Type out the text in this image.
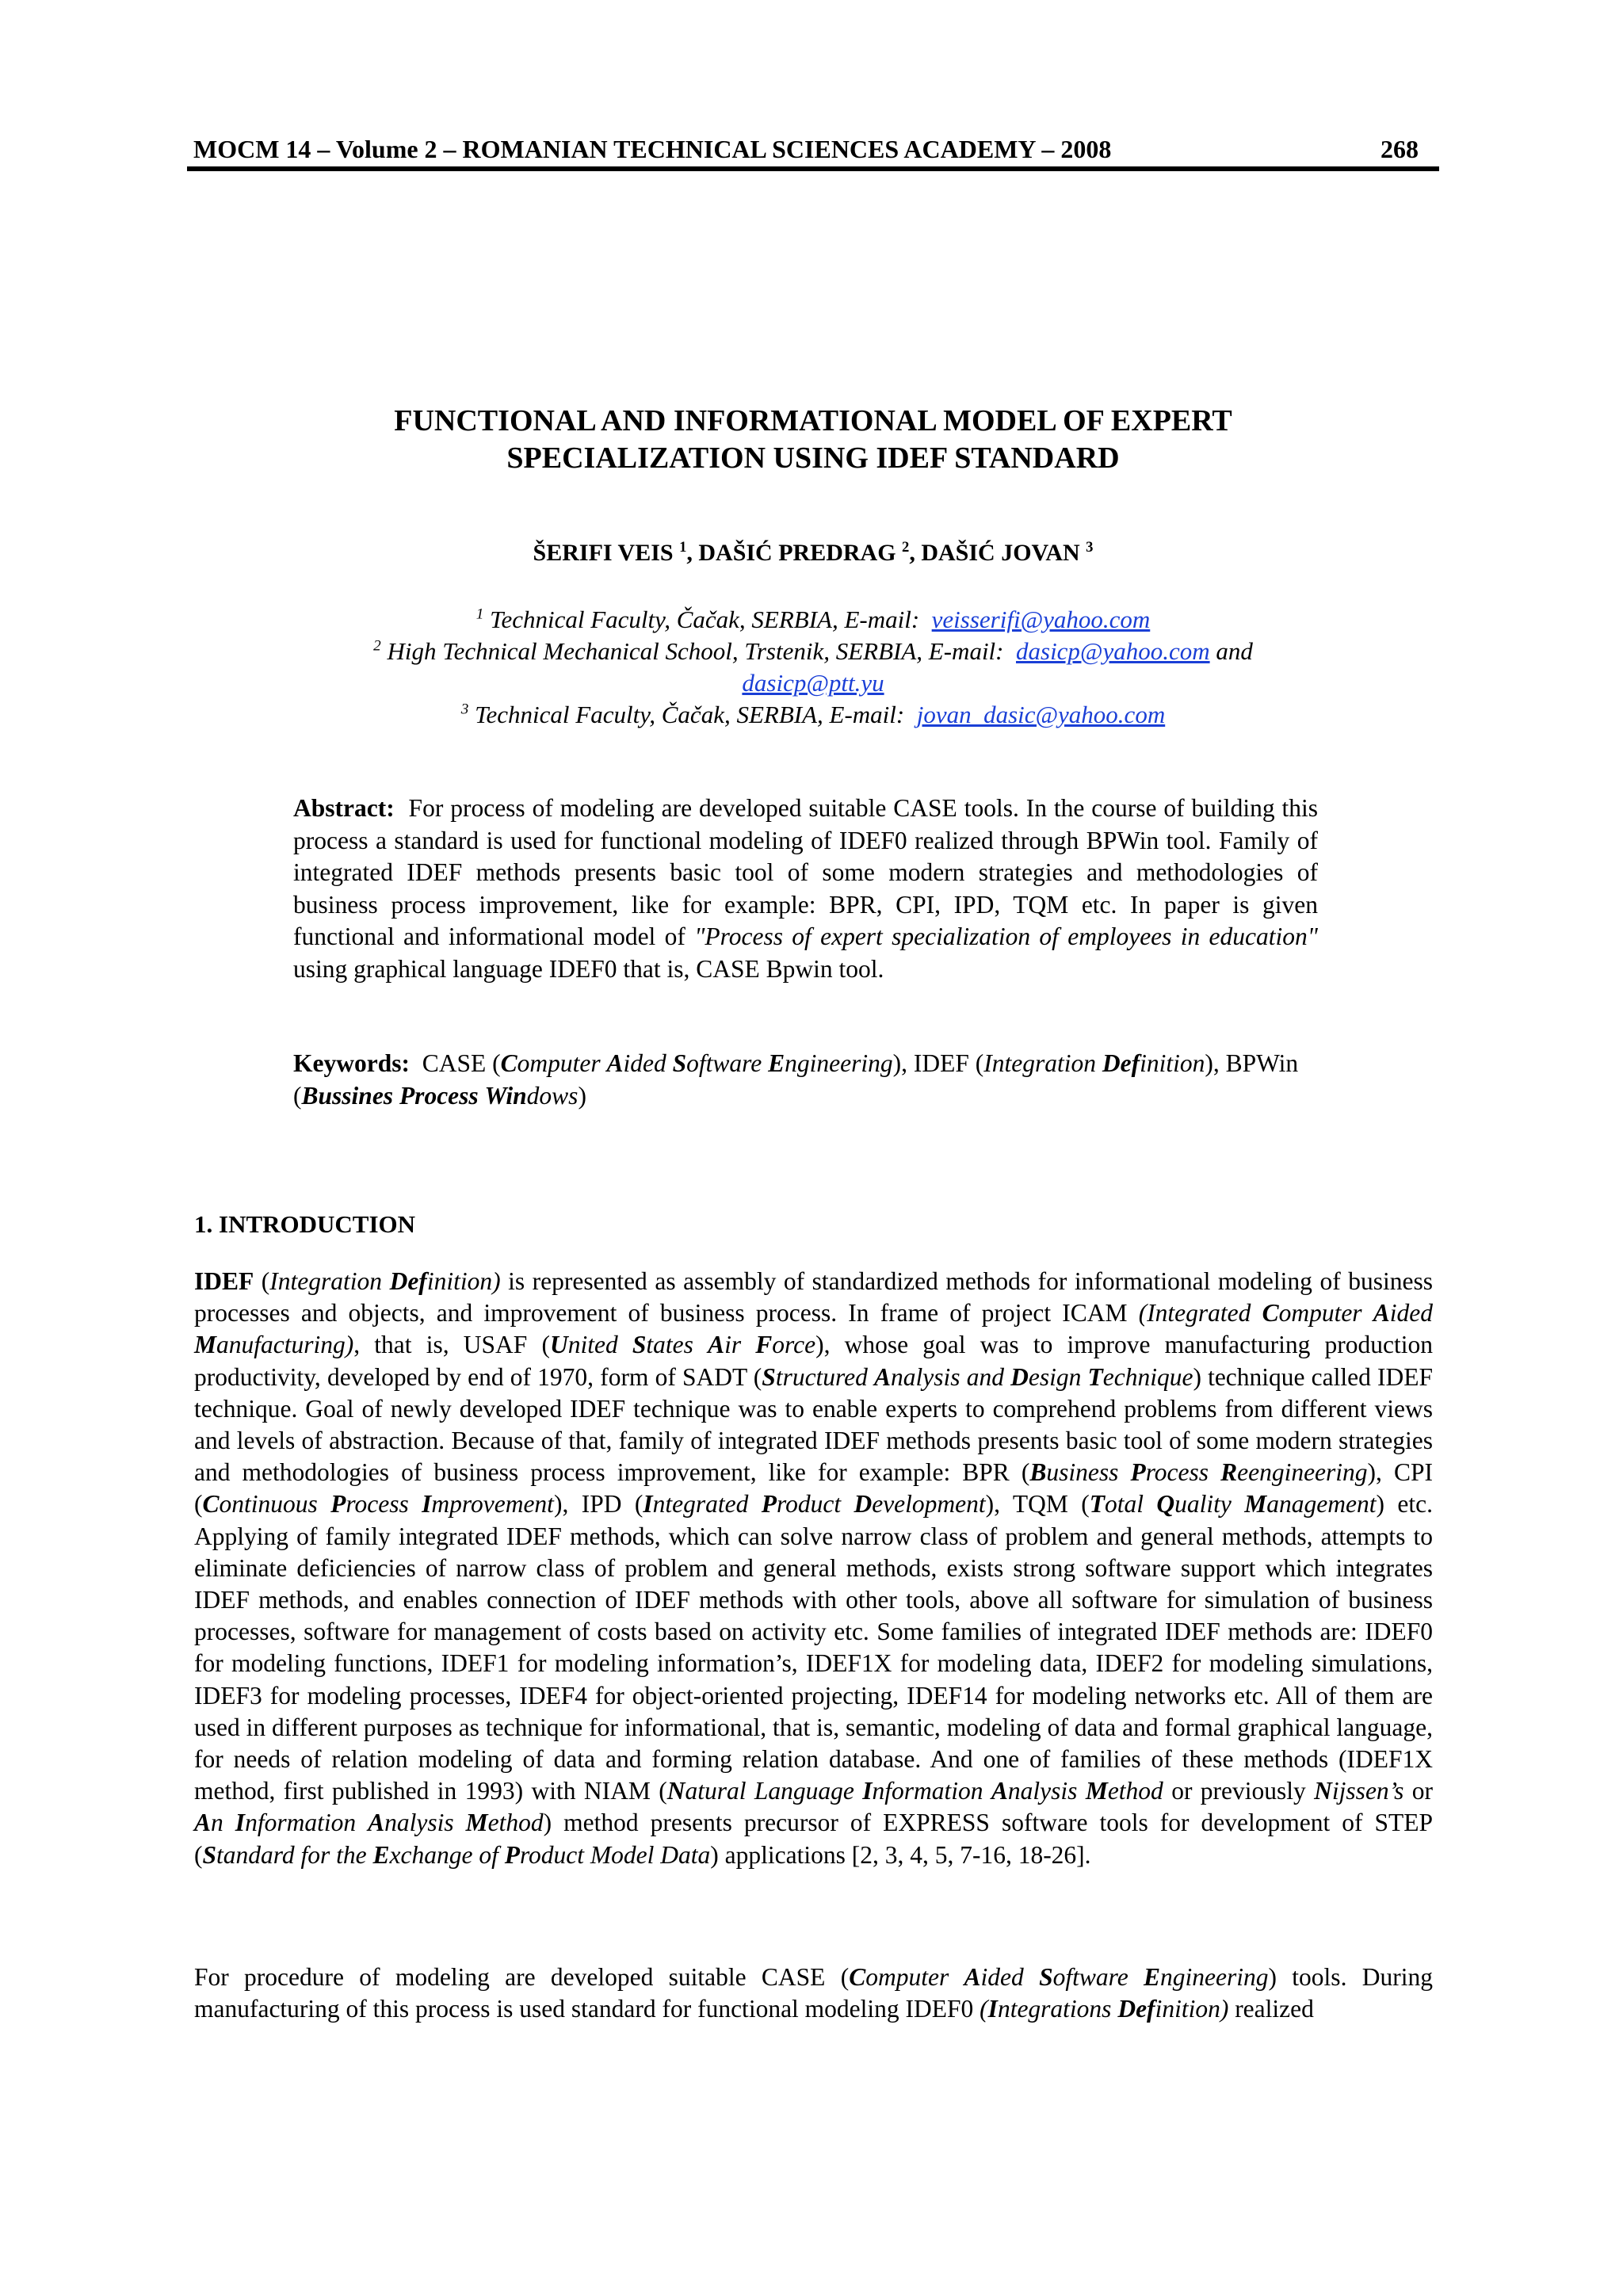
MOCM 14 – Volume 2 – ROMANIAN TECHNICAL SCIENCES ACADEMY – 2008	268
FUNCTIONAL AND INFORMATIONAL MODEL OF EXPERT
SPECIALIZATION USING IDEF STANDARD
ŠERIFI VEIS $^1$, DAŠIĆ PREDRAG $^2$, DAŠIĆ JOVAN $^3$
$^1$ Technical Faculty, Čačak, SERBIA, E-mail: veisserifi@yahoo.com
$^2$ High Technical Mechanical School, Trstenik, SERBIA, E-mail: dasicp@yahoo.com and
dasicp@ptt.yu
$^3$ Technical Faculty, Čačak, SERBIA, E-mail: jovan_dasic@yahoo.com
Abstract: For process of modeling are developed suitable CASE tools. In the course of building this process a standard is used for functional modeling of IDEF0 realized through BPWin tool. Family of integrated IDEF methods presents basic tool of some modern strategies and methodologies of business process improvement, like for example: BPR, CPI, IPD, TQM etc. In paper is given functional and informational model of "Process of expert specialization of employees in education" using graphical language IDEF0 that is, CASE Bpwin tool.
Keywords: CASE (Computer Aided Software Engineering), IDEF (Integration Definition), BPWin (Bussines Process Windows)
1. INTRODUCTION
IDEF (Integration Definition) is represented as assembly of standardized methods for informational modeling of business processes and objects, and improvement of business process. In frame of project ICAM (Integrated Computer Aided Manufacturing), that is, USAF (United States Air Force), whose goal was to improve manufacturing production productivity, developed by end of 1970, form of SADT (Structured Analysis and Design Technique) technique called IDEF technique. Goal of newly developed IDEF technique was to enable experts to comprehend problems from different views and levels of abstraction. Because of that, family of integrated IDEF methods presents basic tool of some modern strategies and methodologies of business process improvement, like for example: BPR (Business Process Reengineering), CPI (Continuous Process Improvement), IPD (Integrated Product Development), TQM (Total Quality Management) etc. Applying of family integrated IDEF methods, which can solve narrow class of problem and general methods, attempts to eliminate deficiencies of narrow class of problem and general methods, exists strong software support which integrates IDEF methods, and enables connection of IDEF methods with other tools, above all software for simulation of business processes, software for management of costs based on activity etc. Some families of integrated IDEF methods are: IDEF0 for modeling functions, IDEF1 for modeling information’s, IDEF1X for modeling data, IDEF2 for modeling simulations, IDEF3 for modeling processes, IDEF4 for object-oriented projecting, IDEF14 for modeling networks etc. All of them are used in different purposes as technique for informational, that is, semantic, modeling of data and formal graphical language, for needs of relation modeling of data and forming relation database. And one of families of these methods (IDEF1X method, first published in 1993) with NIAM (Natural Language Information Analysis Method or previously Nijssen’s or An Information Analysis Method) method presents precursor of EXPRESS software tools for development of STEP (Standard for the Exchange of Product Model Data) applications [2, 3, 4, 5, 7-16, 18-26].
For procedure of modeling are developed suitable CASE (Computer Aided Software Engineering) tools. During manufacturing of this process is used standard for functional modeling IDEF0 (Integrations Definition) realized
